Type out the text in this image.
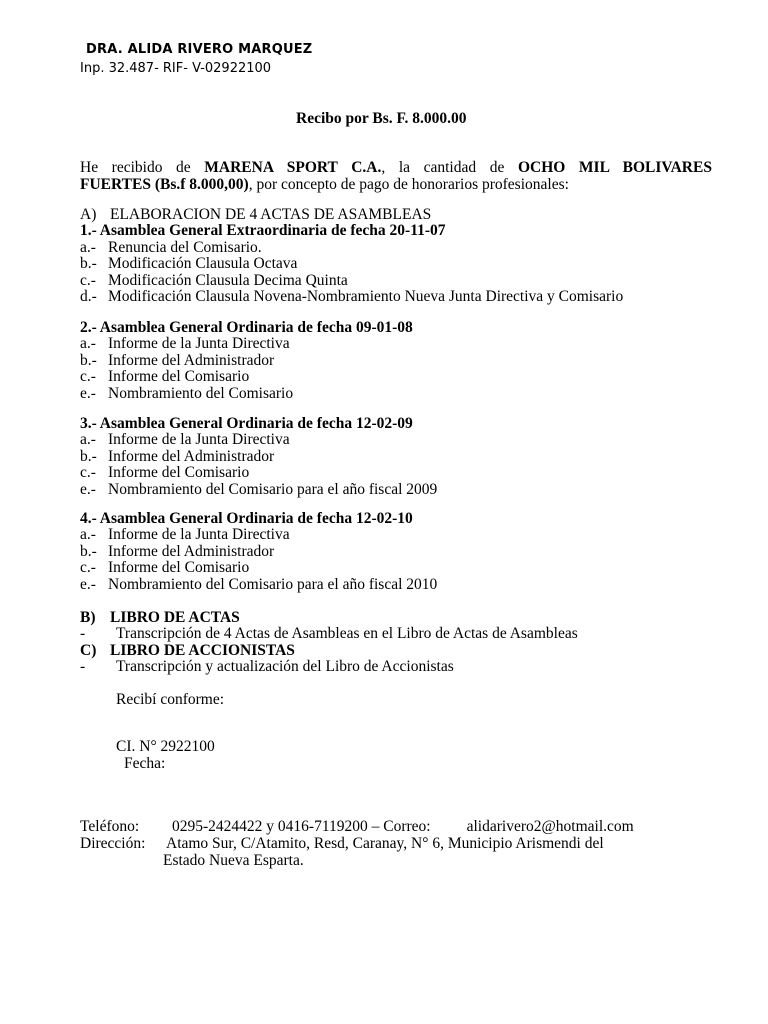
DRA. ALIDA RIVERO MARQUEZ
Inp. 32.487- RIF- V-02922100
Recibo por Bs. F. 8.000.00
He recibido de MARENA SPORT C.A., la cantidad de OCHO MIL BOLIVARES
FUERTES (Bs.f 8.000,00), por concepto de pago de honorarios profesionales:
A) ELABORACION DE 4 ACTAS DE ASAMBLEAS
1.- Asamblea General Extraordinaria de fecha 20-11-07
a.- Renuncia del Comisario.
b.- Modificación Clausula Octava
c.- Modificación Clausula Decima Quinta
d.- Modificación Clausula Novena-Nombramiento Nueva Junta Directiva y Comisario
2.- Asamblea General Ordinaria de fecha 09-01-08
a.- Informe de la Junta Directiva
b.- Informe del Administrador
c.- Informe del Comisario
e.- Nombramiento del Comisario
3.- Asamblea General Ordinaria de fecha 12-02-09
a.- Informe de la Junta Directiva
b.- Informe del Administrador
c.- Informe del Comisario
e.- Nombramiento del Comisario para el año fiscal 2009
4.- Asamblea General Ordinaria de fecha 12-02-10
a.- Informe de la Junta Directiva
b.- Informe del Administrador
c.- Informe del Comisario
e.- Nombramiento del Comisario para el año fiscal 2010
B) LIBRO DE ACTAS
- Transcripción de 4 Actas de Asambleas en el Libro de Actas de Asambleas
C) LIBRO DE ACCIONISTAS
- Transcripción y actualización del Libro de Accionistas
Recibí conforme:
CI. N° 2922100
Fecha:
Teléfono: 0295-2424422 y 0416-7119200 – Correo: alidarivero2@hotmail.com
Dirección: Atamo Sur, C/Atamito, Resd, Caranay, N° 6, Municipio Arismendi del
Estado Nueva Esparta.
